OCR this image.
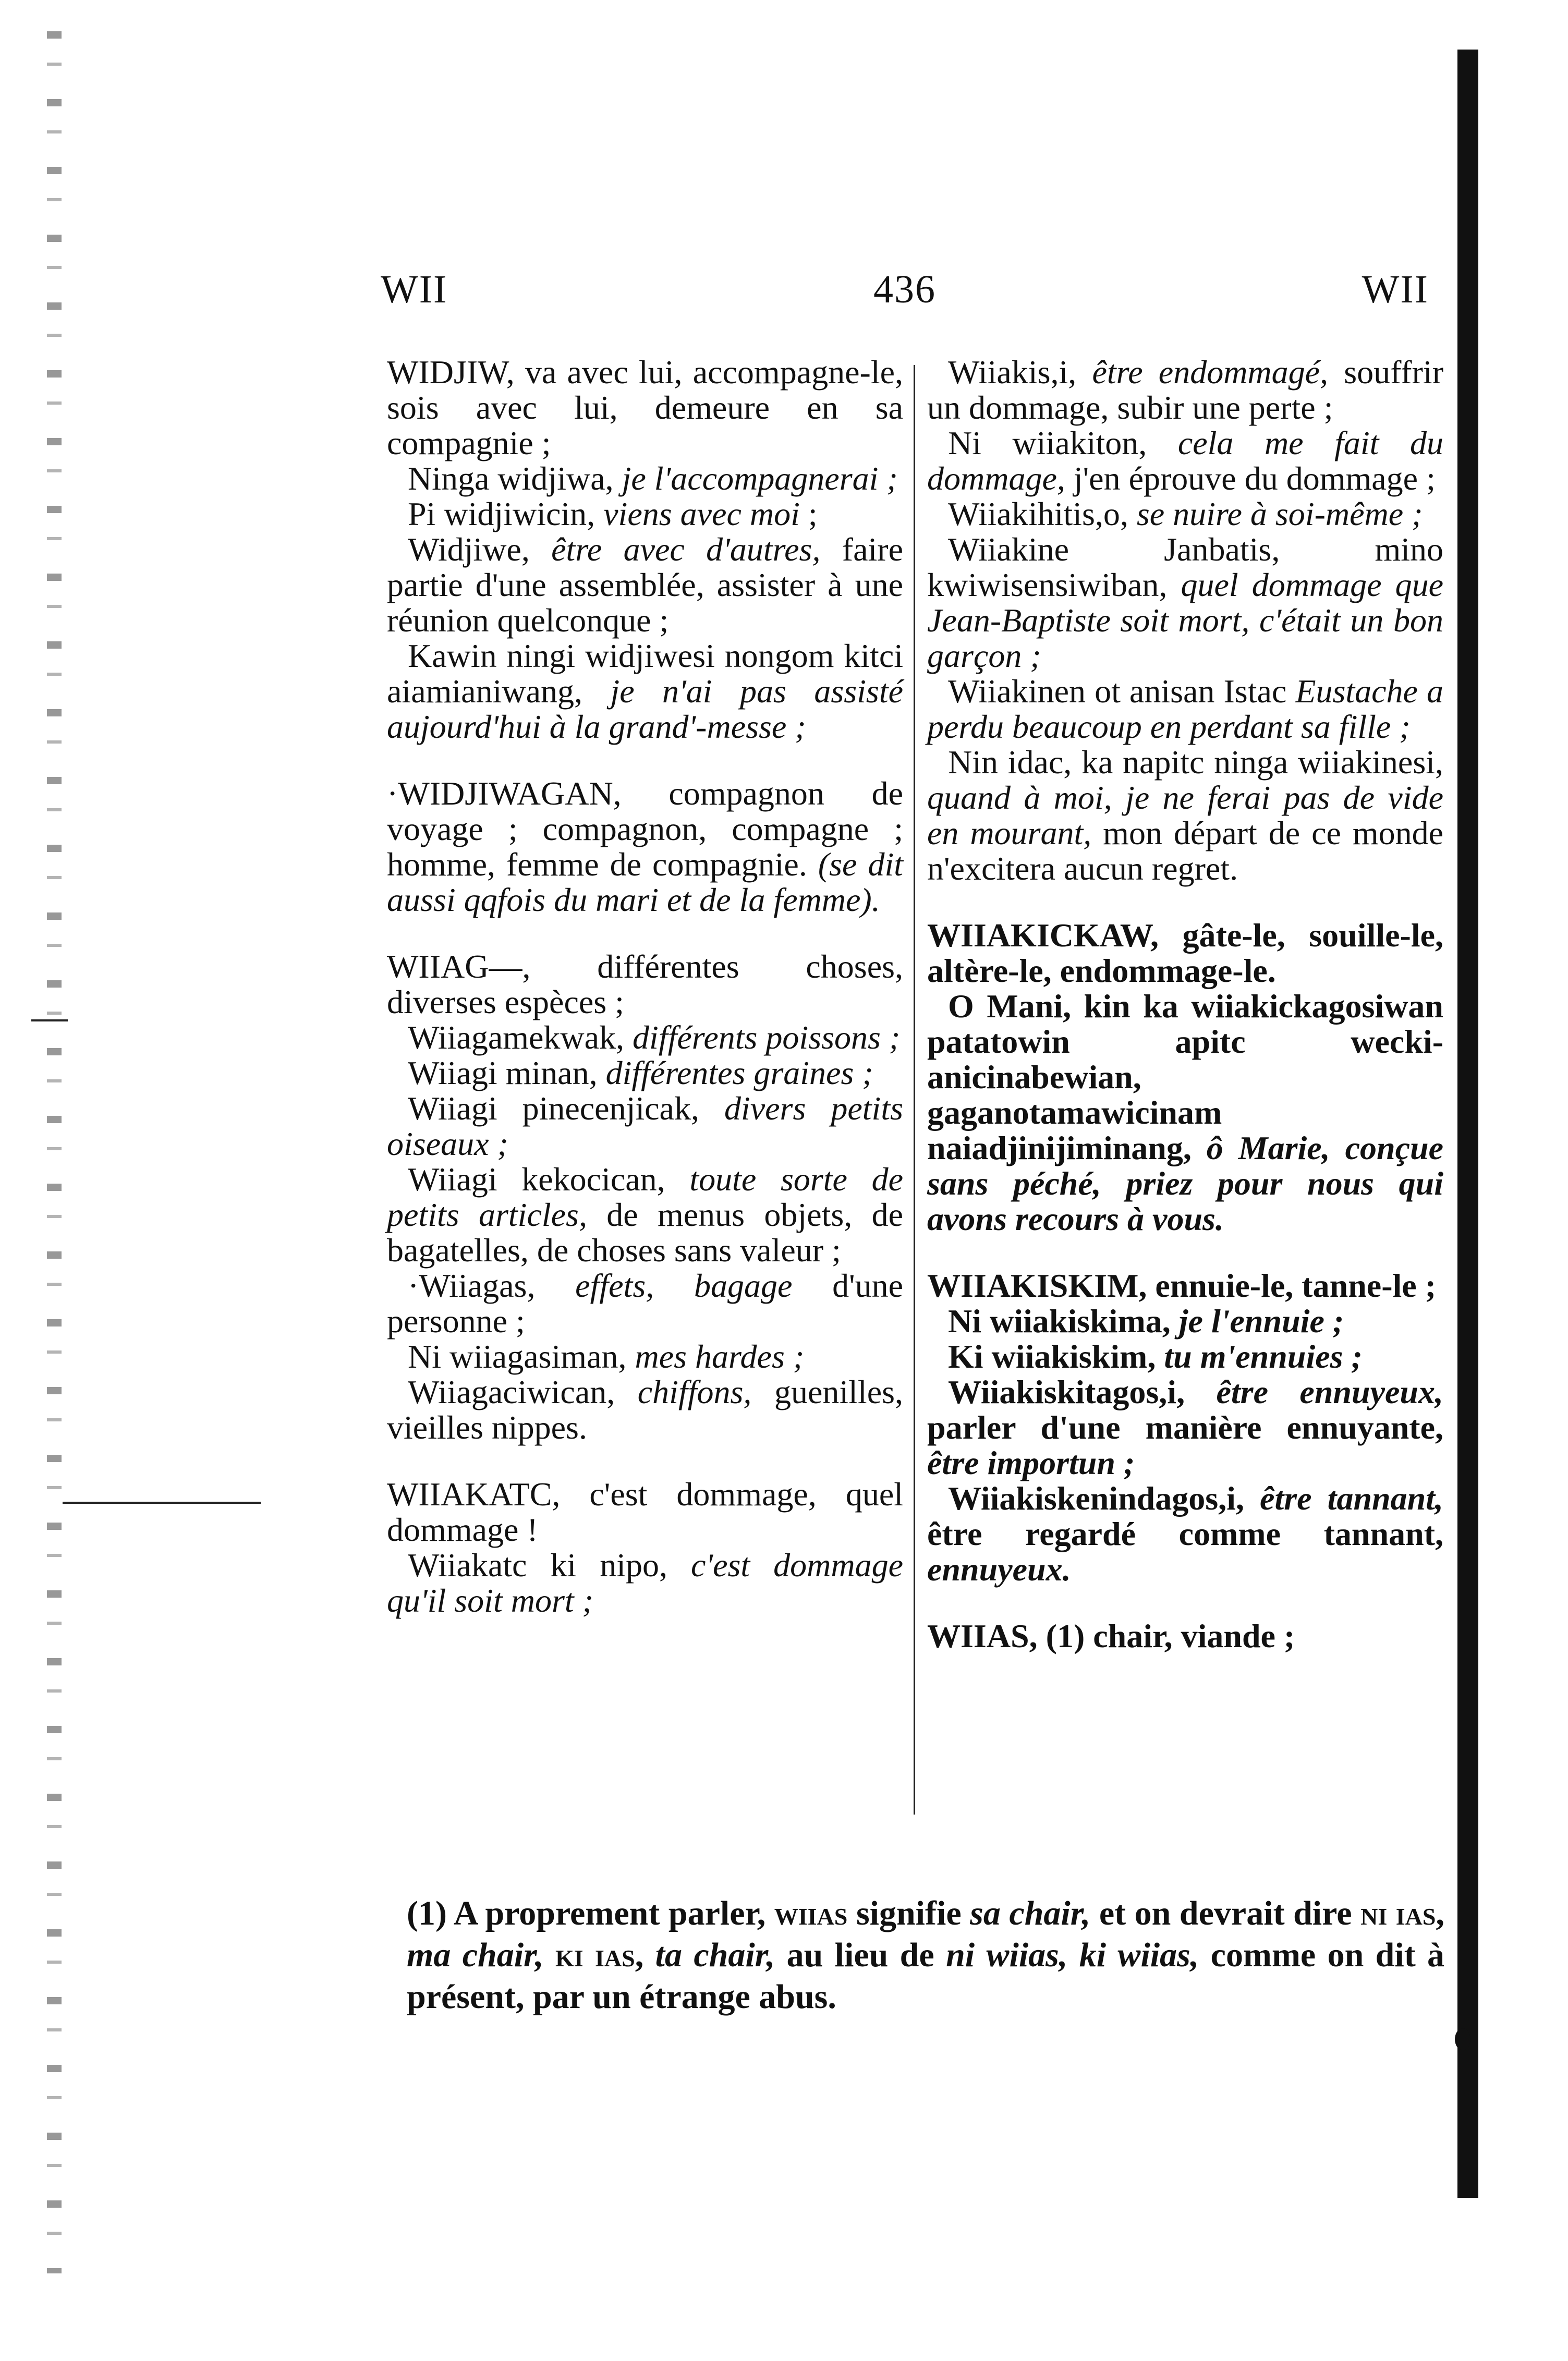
WII	436	WII

WIDJIW, va avec lui, accompagne-le, sois avec lui, demeure en sa compagnie ;

Ninga widjiwa, je l'accompagnerai ;

Pi widjiwicin, viens avec moi ;

Widjiwe, être avec d'autres, faire partie d'une assemblée, assister à une réunion quelconque ;

Kawin ningi widjiwesi nongom kitci aiamianiwang, je n'ai pas assisté aujourd'hui à la grand'-messe ;

·WIDJIWAGAN, compagnon de voyage ; compagnon, compagne ; homme, femme de compagnie. (se dit aussi qqfois du mari et de la femme).

WIIAG—, différentes choses, diverses espèces ;

Wiiagamekwak, différents poissons ;

Wiiagi minan, différentes graines ;

Wiiagi pinecenjicak, divers petits oiseaux ;

Wiiagi kekocican, toute sorte de petits articles, de menus objets, de bagatelles, de choses sans valeur ;

·Wiiagas, effets, bagage d'une personne ;

Ni wiiagasiman, mes hardes ;

Wiiagaciwican, chiffons, guenilles, vieilles nippes.

WIIAKATC, c'est dommage, quel dommage !

Wiiakatc ki nipo, c'est dommage qu'il soit mort ;

Wiiakis,i, être endommagé, souffrir un dommage, subir une perte ;

Ni wiiakiton, cela me fait du dommage, j'en éprouve du dommage ;

Wiiakihitis,o, se nuire à soi-même ;

Wiiakine Janbatis, mino kwiwisensiwiban, quel dommage que Jean-Baptiste soit mort, c'était un bon garçon ;

Wiiakinen ot anisan Istac Eustache a perdu beaucoup en perdant sa fille ;

Nin idac, ka napitc ninga wiiakinesi, quand à moi, je ne ferai pas de vide en mourant, mon départ de ce monde n'excitera aucun regret.

WIIAKICKAW, gâte-le, souille-le, altère-le, endommage-le.

O Mani, kin ka wiiakickagosiwan patatowin apitc wecki-anicinabewian, gaganotamawicinam naiadjinijiminang, ô Marie, conçue sans péché, priez pour nous qui avons recours à vous.

WIIAKISKIM, ennuie-le, tanne-le ;

Ni wiiakiskima, je l'ennuie ;

Ki wiiakiskim, tu m'ennuies ;

Wiiakiskitagos,i, être ennuyeux, parler d'une manière ennuyante, être importun ;

Wiiakiskenindagos,i, être tannant, être regardé comme tannant, ennuyeux.

WIIAS, (1) chair, viande ;

(1) A proprement parler, wiias signifie sa chair, et on devrait dire ni ias, ma chair, ki ias, ta chair, au lieu de ni wiias, ki wiias, comme on dit à présent, par un étrange abus.
